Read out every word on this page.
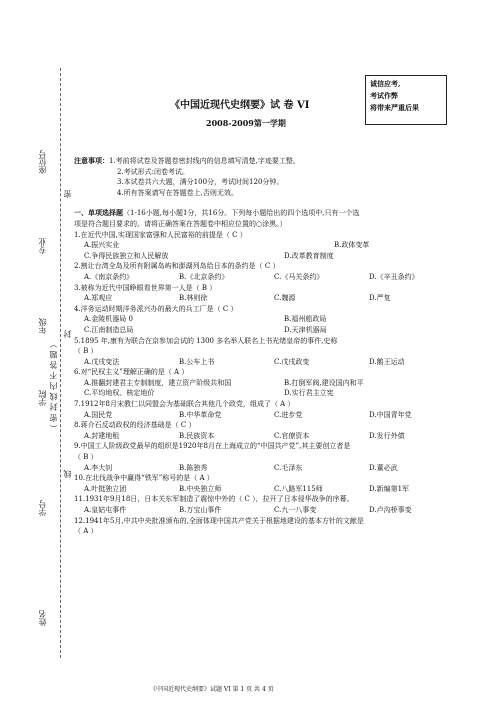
座位号
专业
年级
学院
学号
姓名
（ 密 封 线 内 不 答 题 ）
密
封
线
诚信应考,
考试作弊
将带来严重后果
《中国近现代史纲要》试 卷 VI
2008-2009第一学期
注意事项：1.考前将试卷及答题卷密封线内的信息填写清楚,字迹要工整。
2.考试形式:闭卷考试。
3.本试卷共六大题，满分100分，考试时间120分钟。
4.所有答案请写在答题卷上,否则无效。
一、单项选择题（1-16小题,每小题1分，共16分。下列每小题给出的四个选项中,只有一个选
项是符合题目要求的。请将正确答案在答题卷中相应位置的○涂黑。）
1.在近代中国,实现国家富强和人民富裕的前提是（ C ）
A.振兴实业	B.政体变革
C.争得民族独立和人民解放	D.改革教育制度
2.割让台湾全岛及所有附属岛屿和澎湖列岛给日本的条约是（ C ）
A.《南京条约》	B.《北京条约》	C.《马关条约》	D.《辛丑条约》
3.被称为近代中国睁眼看世界第一人是（ B ）
A.郑观应	B.林则徐	C.魏源	D.严复
4.洋务运动时期洋务派兴办的最大的兵工厂是（ C ）
A.金陵机器局 0	B.福州船政局
C.江南制造总局	D.天津机器局
5.1895 年,康有为联合在京参加会试的 1300 多名举人联名上书光绪皇帝的事件,史称
（ B ）
A.戊戌变法	B.公车上书	C.戊戌政变	D.鹅王运动
6.对“民权主义”理解正确的是（ A ）
A.推翻封建君主专制制度，建立资产阶级共和国	B.打倒军阀,建设国内和平
C.平均地权、核定地价	D.实行君主立宪
7.1912年8月宋教仁以同盟会为基础联合其他几个政党，组成了（ A ）
A.国民党	B.中华革命党	C.进步党	D.中国青年党
8.蒋介石反动政权的经济基础是（ C ）
A.封建地租	B.民族资本	C.官僚资本	D.发行外债
9.中国工人阶级政党最早的组织是1920年8月在上海成立的“中国共产党”,其主要创立者是
（ B ）
A.李大钊	B.陈独秀	C.毛泽东	D.董必武
10.在北伐战争中赢得“铁军”称号的是（ A ）
A.叶挺独立团	B.中央独立师	C.八路军115师	D.新编第1军
11.1931年9月18日，日本关东军制造了震惊中外的（ C ），拉开了日本侵华战争的序幕。
A.皇姑屯事件	B.万宝山事件	C.九一八事变	D.卢沟桥事变
12.1941年5月,中共中央批准颁布的,全面体现中国共产党关于根据地建设的基本方针的文献是
（ A ）
《中国近现代史纲要》试题 VI 第 1 页 共 4 页
